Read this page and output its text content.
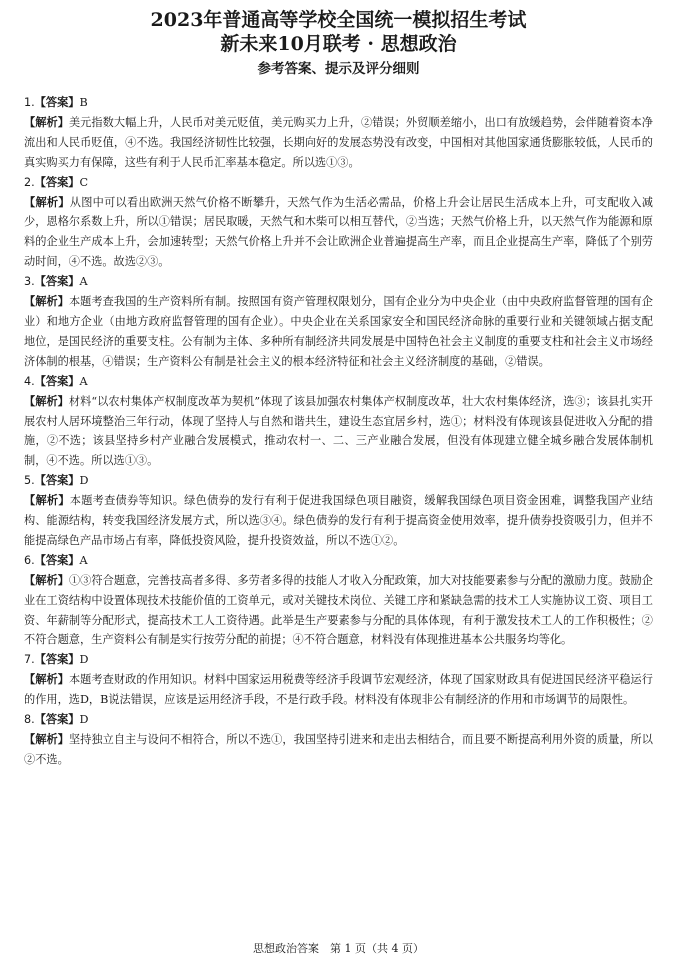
2023年普通高等学校全国统一模拟招生考试
新未来10月联考 · 思想政治
参考答案、提示及评分细则
1.【答案】B

【解析】美元指数大幅上升，人民币对美元贬值，美元购买力上升，②错误；外贸顺差缩小，出口有放缓趋势，会伴随着资本净流出和人民币贬值，④不选。我国经济韧性比较强，长期向好的发展态势没有改变，中国相对其他国家通货膨胀较低，人民币的真实购买力有保障，这些有利于人民币汇率基本稳定。所以选①③。

2.【答案】C

【解析】从图中可以看出欧洲天然气价格不断攀升，天然气作为生活必需品，价格上升会让居民生活成本上升，可支配收入减少，恩格尔系数上升，所以①错误；居民取暖，天然气和木柴可以相互替代，②当选；天然气价格上升，以天然气作为能源和原料的企业生产成本上升，会加速转型；天然气价格上升并不会让欧洲企业普遍提高生产率，而且企业提高生产率，降低了个别劳动时间，④不选。故选②③。

3.【答案】A

【解析】本题考查我国的生产资料所有制。按照国有资产管理权限划分，国有企业分为中央企业（由中央政府监督管理的国有企业）和地方企业（由地方政府监督管理的国有企业）。中央企业在关系国家安全和国民经济命脉的重要行业和关键领域占据支配地位，是国民经济的重要支柱。公有制为主体、多种所有制经济共同发展是中国特色社会主义制度的重要支柱和社会主义市场经济体制的根基，④错误；生产资料公有制是社会主义的根本经济特征和社会主义经济制度的基础，②错误。

4.【答案】A

【解析】材料“以农村集体产权制度改革为契机”体现了该县加强农村集体产权制度改革，壮大农村集体经济，选③；该县扎实开展农村人居环境整治三年行动，体现了坚持人与自然和谐共生，建设生态宜居乡村，选①；材料没有体现该县促进收入分配的措施，②不选；该县坚持乡村产业融合发展模式，推动农村一、二、三产业融合发展，但没有体现建立健全城乡融合发展体制机制，④不选。所以选①③。

5.【答案】D

【解析】本题考查债券等知识。绿色债券的发行有利于促进我国绿色项目融资，缓解我国绿色项目资金困难，调整我国产业结构、能源结构，转变我国经济发展方式，所以选③④。绿色债券的发行有利于提高资金使用效率，提升债券投资吸引力，但并不能提高绿色产品市场占有率，降低投资风险，提升投资效益，所以不选①②。

6.【答案】A

【解析】①③符合题意，完善技高者多得、多劳者多得的技能人才收入分配政策，加大对技能要素参与分配的激励力度。鼓励企业在工资结构中设置体现技术技能价值的工资单元，或对关键技术岗位、关键工序和紧缺急需的技术工人实施协议工资、项目工资、年薪制等分配形式，提高技术工人工资待遇。此举是生产要素参与分配的具体体现，有利于激发技术工人的工作积极性；②不符合题意，生产资料公有制是实行按劳分配的前提；④不符合题意，材料没有体现推进基本公共服务均等化。

7.【答案】D

【解析】本题考查财政的作用知识。材料中国家运用税费等经济手段调节宏观经济，体现了国家财政具有促进国民经济平稳运行的作用，选D，B说法错误，应该是运用经济手段，不是行政手段。材料没有体现非公有制经济的作用和市场调节的局限性。

8.【答案】D

【解析】坚持独立自主与设问不相符合，所以不选①，我国坚持引进来和走出去相结合，而且要不断提高利用外资的质量，所以②不选。

思想政治答案　第 1 页（共 4 页）
